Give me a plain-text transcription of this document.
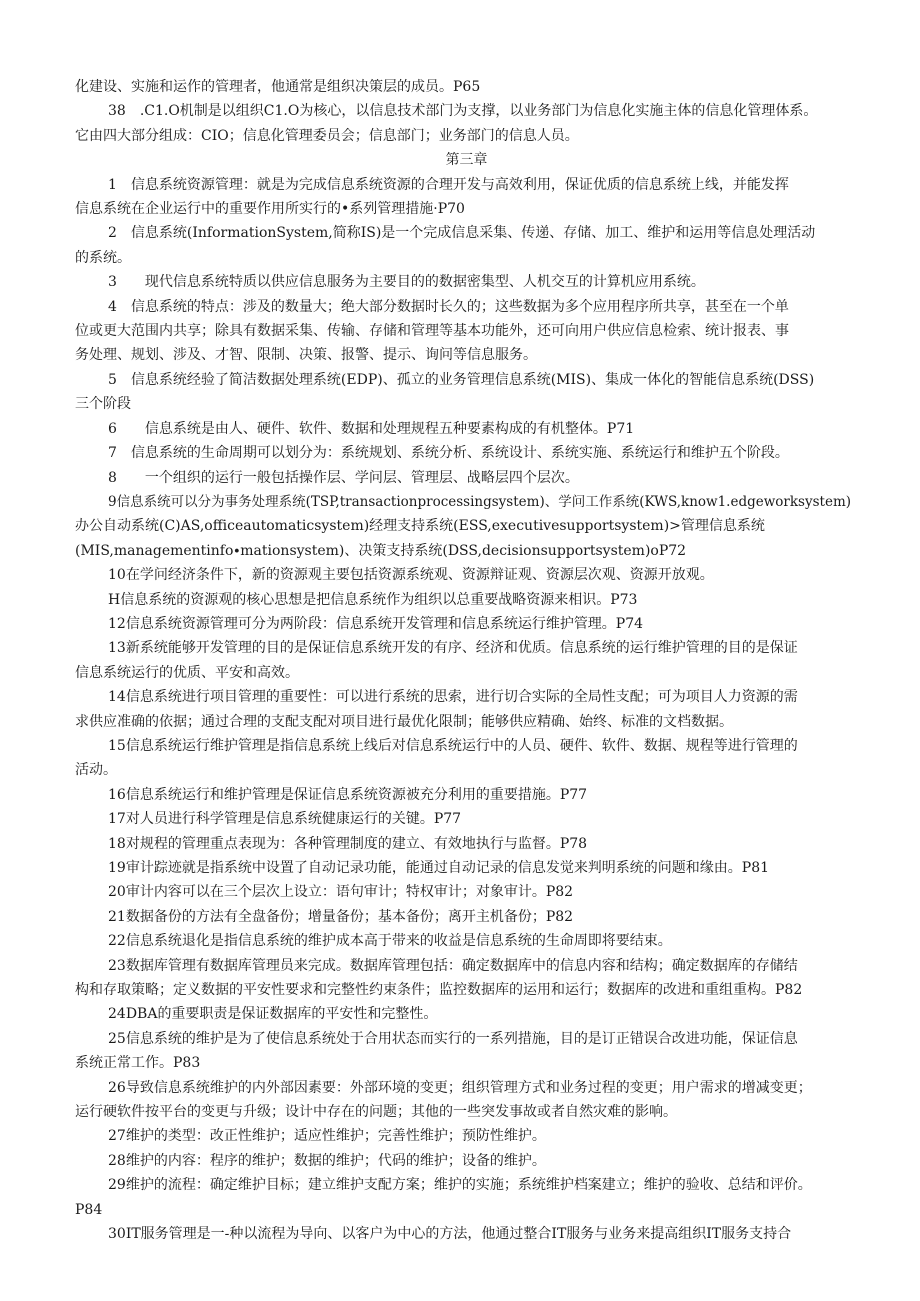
化建设、实施和运作的管理者，他通常是组织决策层的成员。P65
38　.C1.O机制是以组织C1.O为核心，以信息技术部门为支撑，以业务部门为信息化实施主体的信息化管理体系。
它由四大部分组成：CIO；信息化管理委员会；信息部门；业务部门的信息人员。
第三章
1　信息系统资源管理：就是为完成信息系统资源的合理开发与高效利用，保证优质的信息系统上线，并能发挥
信息系统在企业运行中的重要作用所实行的•系列管理措施·P70
2　信息系统(InformationSystem,简称IS)是一个完成信息采集、传递、存储、加工、维护和运用等信息处理活动
的系统。
3　　现代信息系统特质以供应信息服务为主要目的的数据密集型、人机交互的计算机应用系统。
4　信息系统的特点：涉及的数量大；绝大部分数据时长久的；这些数据为多个应用程序所共享，甚至在一个单
位或更大范围内共享；除具有数据采集、传输、存储和管理等基本功能外，还可向用户供应信息检索、统计报表、事
务处理、规划、涉及、才智、限制、决策、报警、提示、询问等信息服务。
5　信息系统经验了简洁数据处理系统(EDP)、孤立的业务管理信息系统(MIS)、集成一体化的智能信息系统(DSS)
三个阶段
6　　信息系统是由人、硬件、软件、数据和处理规程五种要素构成的有机整体。P71
7　信息系统的生命周期可以划分为：系统规划、系统分析、系统设计、系统实施、系统运行和维护五个阶段。
8　　一个组织的运行一般包括操作层、学问层、管理层、战略层四个层次。
9信息系统可以分为事务处理系统(TSP,transactionprocessingsystem)、学问工作系统(KWS,know1.edgeworksystem)
办公自动系统(C)AS,officeautomaticsystem)经理支持系统(ESS,executivesupportsystem)>管理信息系统
(MIS,managementinfo∙mationsystem)、决策支持系统(DSS,decisionsupportsystem)oP72
10在学问经济条件下，新的资源观主要包括资源系统观、资源辩证观、资源层次观、资源开放观。
H信息系统的资源观的核心思想是把信息系统作为组织以总重要战略资源来相识。P73
12信息系统资源管理可分为两阶段：信息系统开发管理和信息系统运行维护管理。P74
13新系统能够开发管理的目的是保证信息系统开发的有序、经济和优质。信息系统的运行维护管理的目的是保证
信息系统运行的优质、平安和高效。
14信息系统进行项目管理的重要性：可以进行系统的思索，进行切合实际的全局性支配；可为项目人力资源的需
求供应准确的依据；通过合理的支配支配对项目进行最优化限制；能够供应精确、始终、标准的文档数据。
15信息系统运行维护管理是指信息系统上线后对信息系统运行中的人员、硬件、软件、数据、规程等进行管理的
活动。
16信息系统运行和维护管理是保证信息系统资源被充分利用的重要措施。P77
17对人员进行科学管理是信息系统健康运行的关键。P77
18对规程的管理重点表现为：各种管理制度的建立、有效地执行与监督。P78
19审计踪迹就是指系统中设置了自动记录功能，能通过自动记录的信息发觉来判明系统的问题和缘由。P81
20审计内容可以在三个层次上设立：语句审计；特权审计；对象审计。P82
21数据备份的方法有全盘备份；增量备份；基本备份；离开主机备份；P82
22信息系统退化是指信息系统的维护成本高于带来的收益是信息系统的生命周即将要结束。
23数据库管理有数据库管理员来完成。数据库管理包括：确定数据库中的信息内容和结构；确定数据库的存储结
构和存取策略；定义数据的平安性要求和完整性约束条件；监控数据库的运用和运行；数据库的改进和重组重构。P82
24DBA的重要职责是保证数据库的平安性和完整性。
25信息系统的维护是为了使信息系统处于合用状态而实行的一系列措施，目的是订正错误合改进功能，保证信息
系统正常工作。P83
26导致信息系统维护的内外部因素要：外部环境的变更；组织管理方式和业务过程的变更；用户需求的增减变更；
运行硬软件按平台的变更与升级；设计中存在的问题；其他的一些突发事故或者自然灾难的影响。
27维护的类型：改正性维护；适应性维护；完善性维护；预防性维护。
28维护的内容：程序的维护；数据的维护；代码的维护；设备的维护。
29维护的流程：确定维护目标；建立维护支配方案；维护的实施；系统维护档案建立；维护的验收、总结和评价。
P84
30IT服务管理是一-种以流程为导向、以客户为中心的方法，他通过整合IT服务与业务来提高组织IT服务支持合
